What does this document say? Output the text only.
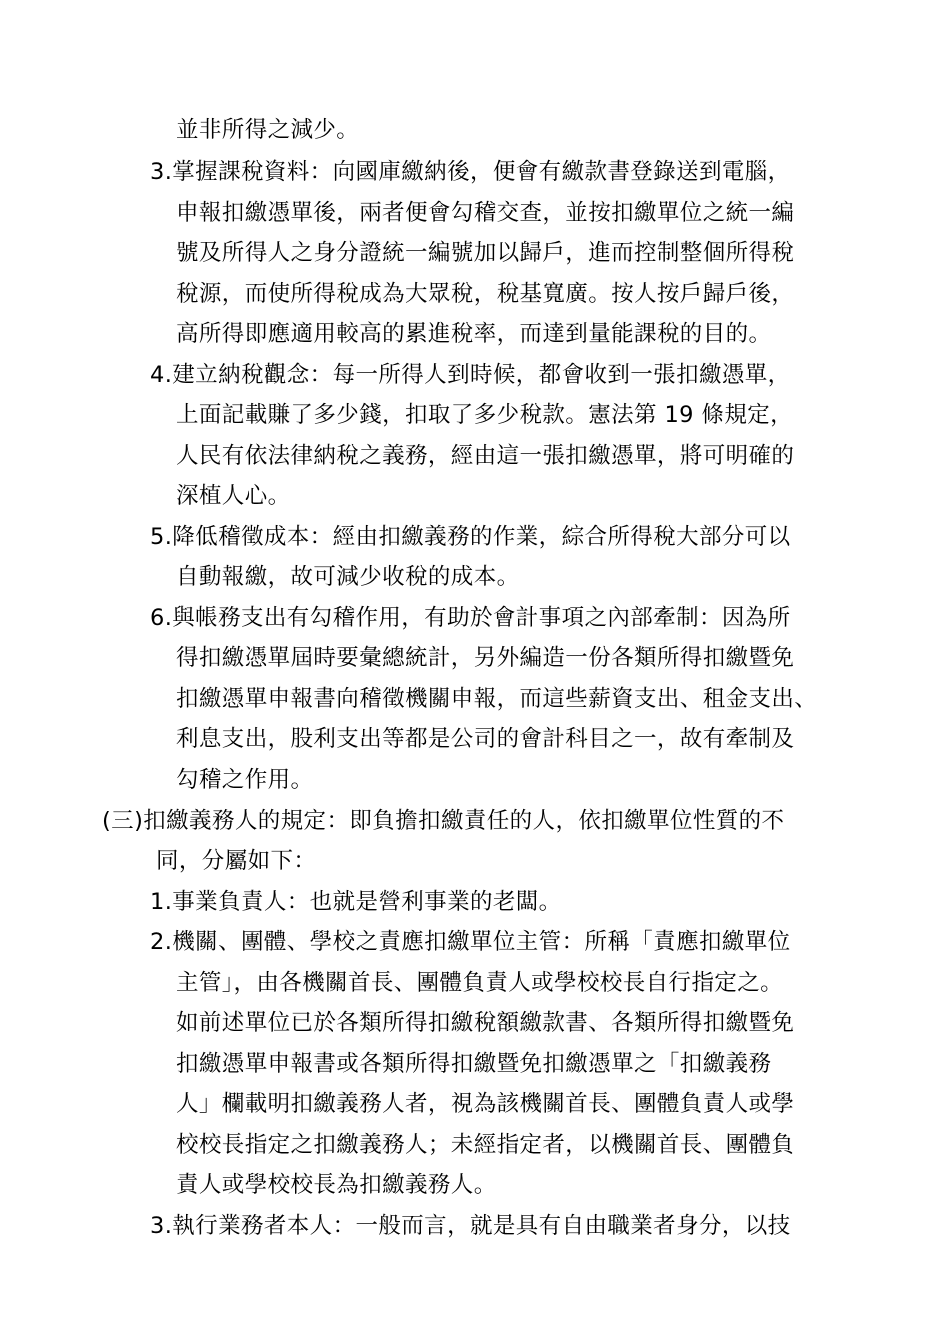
並非所得之減少。
3.掌握課稅資料：向國庫繳納後，便會有繳款書登錄送到電腦，
申報扣繳憑單後，兩者便會勾稽交查，並按扣繳單位之統一編
號及所得人之身分證統一編號加以歸戶，進而控制整個所得稅
稅源，而使所得稅成為大眾稅，稅基寬廣。按人按戶歸戶後，
高所得即應適用較高的累進稅率，而達到量能課稅的目的。
4.建立納稅觀念：每一所得人到時候，都會收到一張扣繳憑單，
上面記載賺了多少錢，扣取了多少稅款。憲法第 19 條規定，
人民有依法律納稅之義務，經由這一張扣繳憑單，將可明確的
深植人心。
5.降低稽徵成本：經由扣繳義務的作業，綜合所得稅大部分可以
自動報繳，故可減少收稅的成本。
6.與帳務支出有勾稽作用，有助於會計事項之內部牽制：因為所
得扣繳憑單屆時要彙總統計，另外編造一份各類所得扣繳暨免
扣繳憑單申報書向稽徵機關申報，而這些薪資支出、租金支出、
利息支出，股利支出等都是公司的會計科目之一，故有牽制及
勾稽之作用。
(三)扣繳義務人的規定：即負擔扣繳責任的人，依扣繳單位性質的不
同，分屬如下：
1.事業負責人：也就是營利事業的老闆。
2.機關、團體、學校之責應扣繳單位主管：所稱「責應扣繳單位
主管」，由各機關首長、團體負責人或學校校長自行指定之。
如前述單位已於各類所得扣繳稅額繳款書、各類所得扣繳暨免
扣繳憑單申報書或各類所得扣繳暨免扣繳憑單之「扣繳義務
人」欄載明扣繳義務人者，視為該機關首長、團體負責人或學
校校長指定之扣繳義務人；未經指定者，以機關首長、團體負
責人或學校校長為扣繳義務人。
3.執行業務者本人：一般而言，就是具有自由職業者身分，以技
